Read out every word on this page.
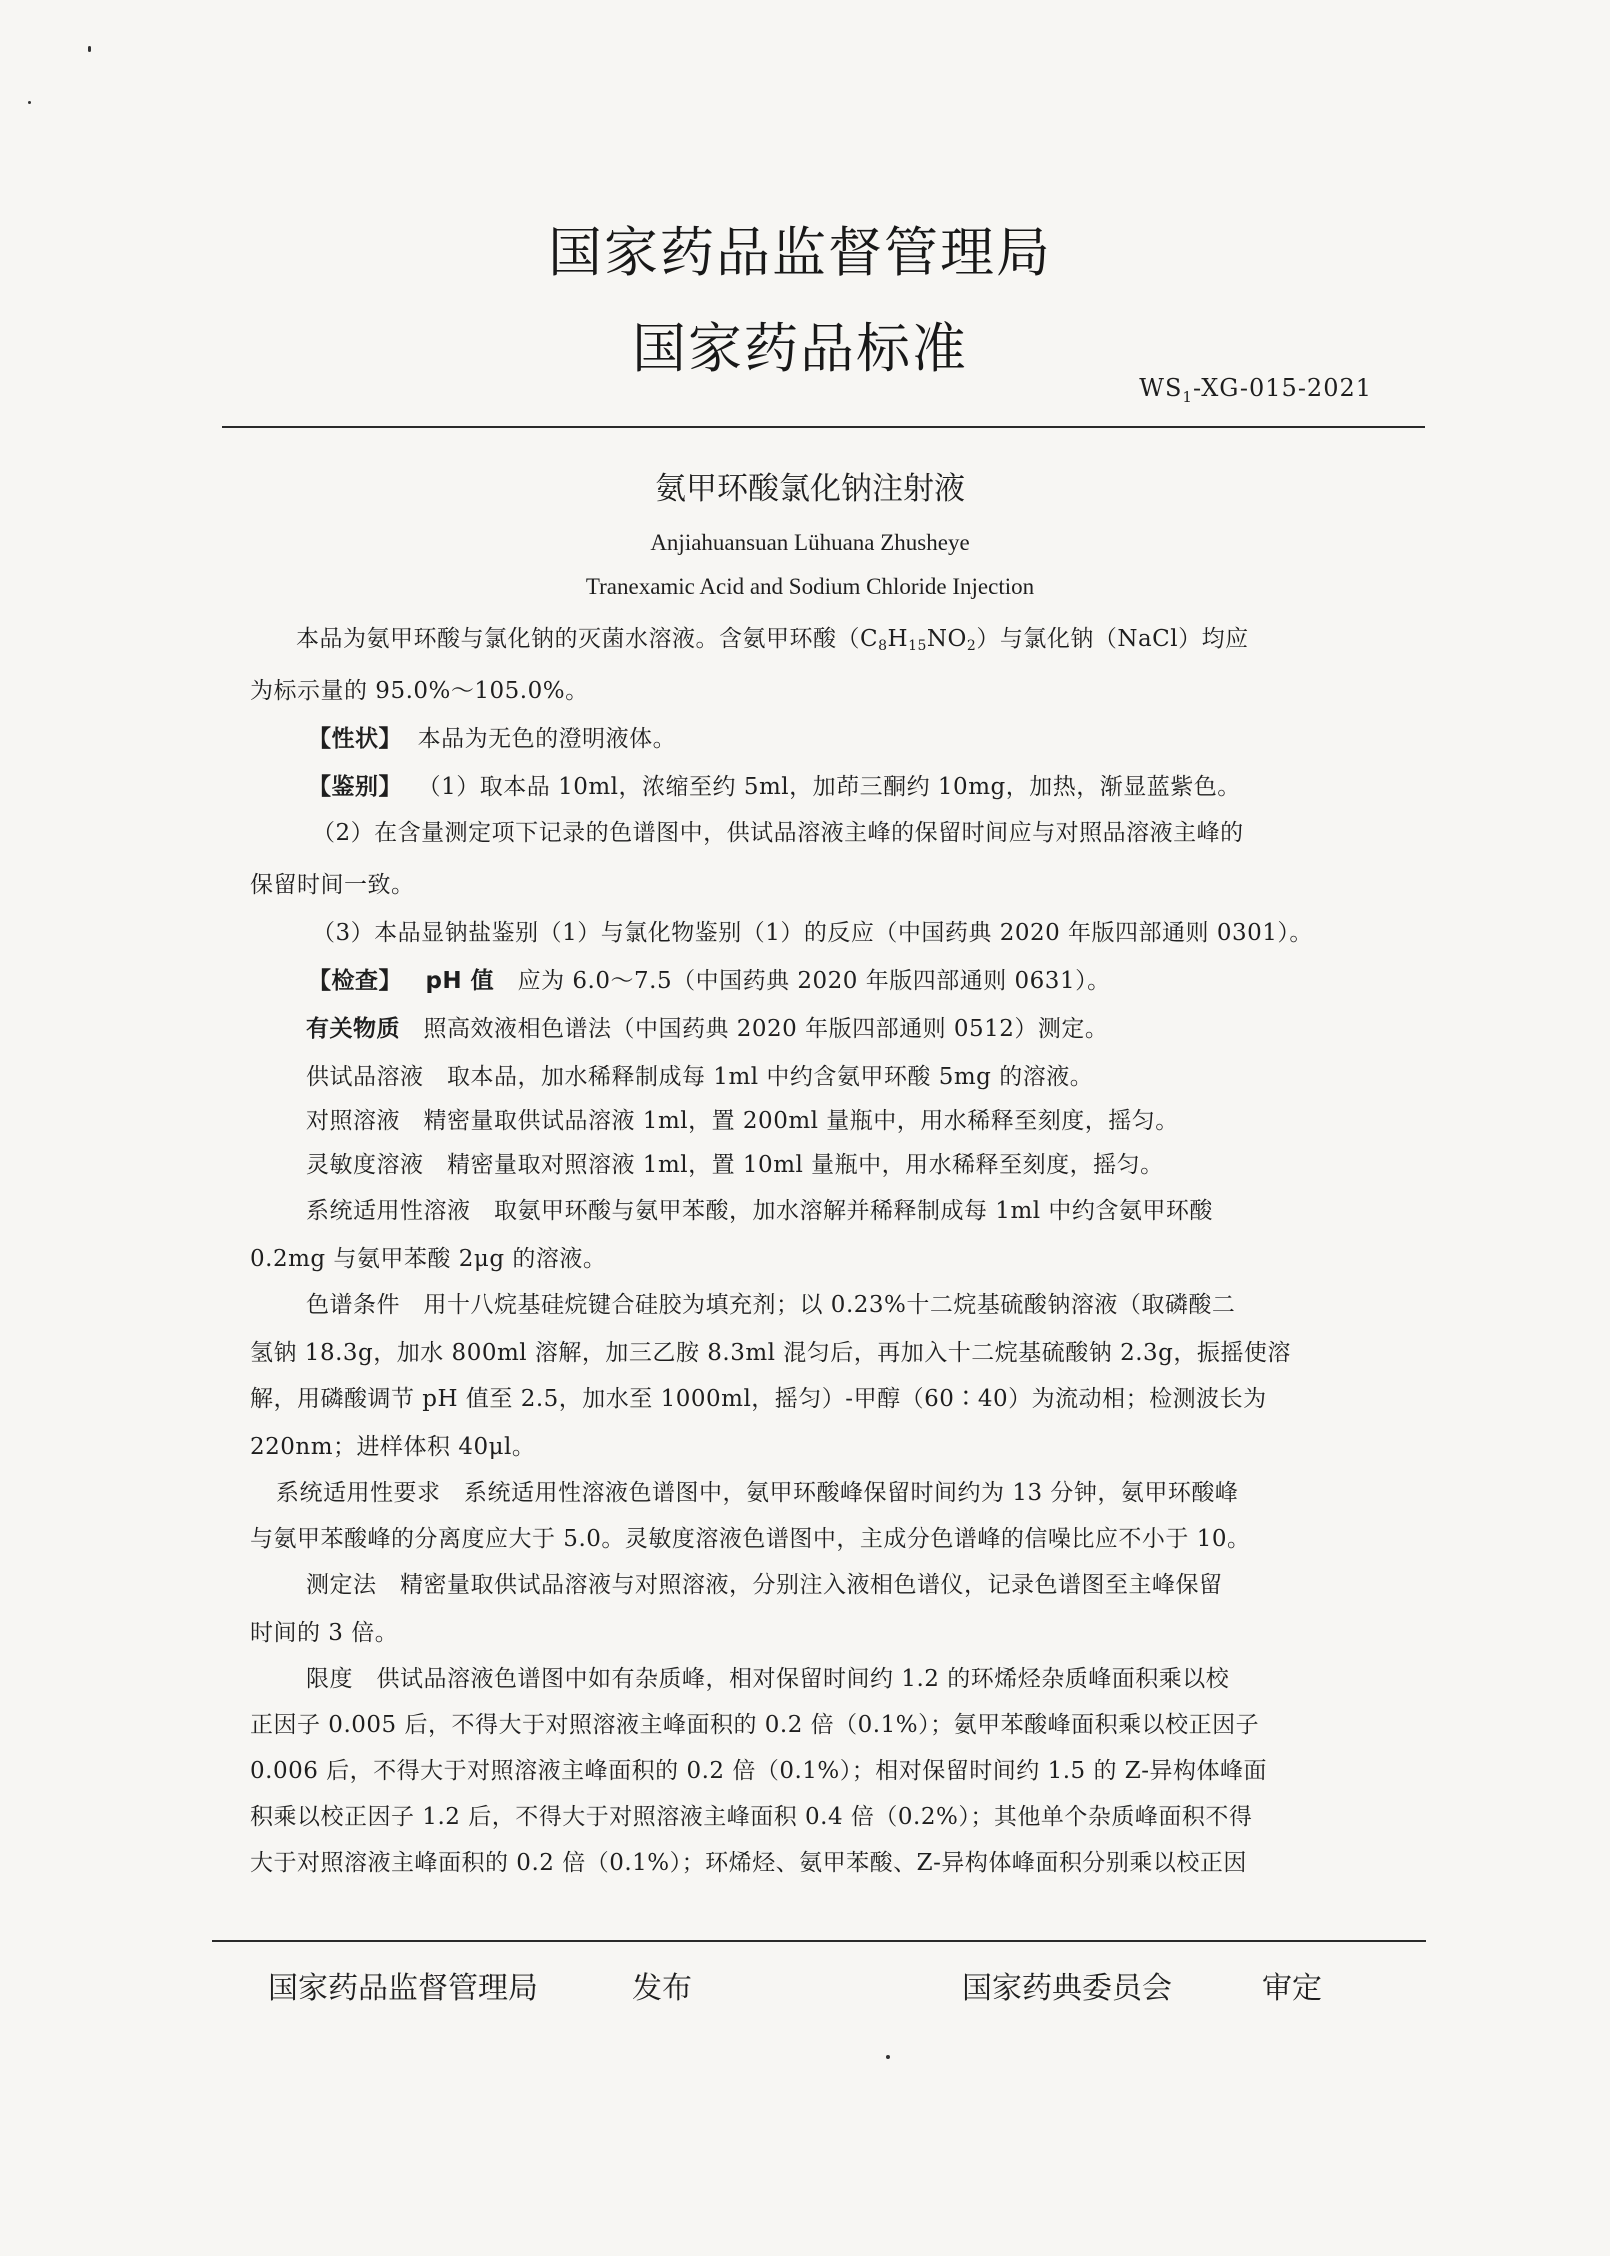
国家药品监督管理局
国家药品标准
$WS_1-XG-015-2021$
氨甲环酸氯化钠注射液
Anjiahuansuan Lühuana Zhusheye
Tranexamic Acid and Sodium Chloride Injection
本品为氨甲环酸与氯化钠的灭菌水溶液。含氨甲环酸$(C_8H_{15}NO_2)$与氯化钠（NaCl）均应
为标示量的 95.0%～105.0%。
【性状】 本品为无色的澄明液体。
【鉴别】 （1）取本品 10ml，浓缩至约 5ml，加茚三酮约 10mg，加热，渐显蓝紫色。
（2）在含量测定项下记录的色谱图中，供试品溶液主峰的保留时间应与对照品溶液主峰的
保留时间一致。
（3）本品显钠盐鉴别（1）与氯化物鉴别（1）的反应（中国药典 2020 年版四部通则 0301）。
【检查】 pH 值 应为 6.0～7.5（中国药典 2020 年版四部通则 0631）。
有关物质 照高效液相色谱法（中国药典 2020 年版四部通则 0512）测定。
供试品溶液　取本品，加水稀释制成每 1ml 中约含氨甲环酸 5mg 的溶液。
对照溶液　精密量取供试品溶液 1ml，置 200ml 量瓶中，用水稀释至刻度，摇匀。
灵敏度溶液　精密量取对照溶液 1ml，置 10ml 量瓶中，用水稀释至刻度，摇匀。
系统适用性溶液　取氨甲环酸与氨甲苯酸，加水溶解并稀释制成每 1ml 中约含氨甲环酸
0.2mg 与氨甲苯酸 2μg 的溶液。
色谱条件　用十八烷基硅烷键合硅胶为填充剂；以 0.23%十二烷基硫酸钠溶液（取磷酸二
氢钠 18.3g，加水 800ml 溶解，加三乙胺 8.3ml 混匀后，再加入十二烷基硫酸钠 2.3g，振摇使溶
解，用磷酸调节 pH 值至 2.5，加水至 1000ml，摇匀）-甲醇（60∶40）为流动相；检测波长为
220nm；进样体积 40μl。
系统适用性要求　系统适用性溶液色谱图中，氨甲环酸峰保留时间约为 13 分钟，氨甲环酸峰
与氨甲苯酸峰的分离度应大于 5.0。灵敏度溶液色谱图中，主成分色谱峰的信噪比应不小于 10。
测定法　精密量取供试品溶液与对照溶液，分别注入液相色谱仪，记录色谱图至主峰保留
时间的 3 倍。
限度　供试品溶液色谱图中如有杂质峰，相对保留时间约 1.2 的环烯烃杂质峰面积乘以校
正因子 0.005 后，不得大于对照溶液主峰面积的 0.2 倍（0.1%）；氨甲苯酸峰面积乘以校正因子
0.006 后，不得大于对照溶液主峰面积的 0.2 倍（0.1%）；相对保留时间约 1.5 的 Z-异构体峰面
积乘以校正因子 1.2 后，不得大于对照溶液主峰面积 0.4 倍（0.2%）；其他单个杂质峰面积不得
大于对照溶液主峰面积的 0.2 倍（0.1%）；环烯烃、氨甲苯酸、Z-异构体峰面积分别乘以校正因
国家药品监督管理局	发布	国家药典委员会	审定
